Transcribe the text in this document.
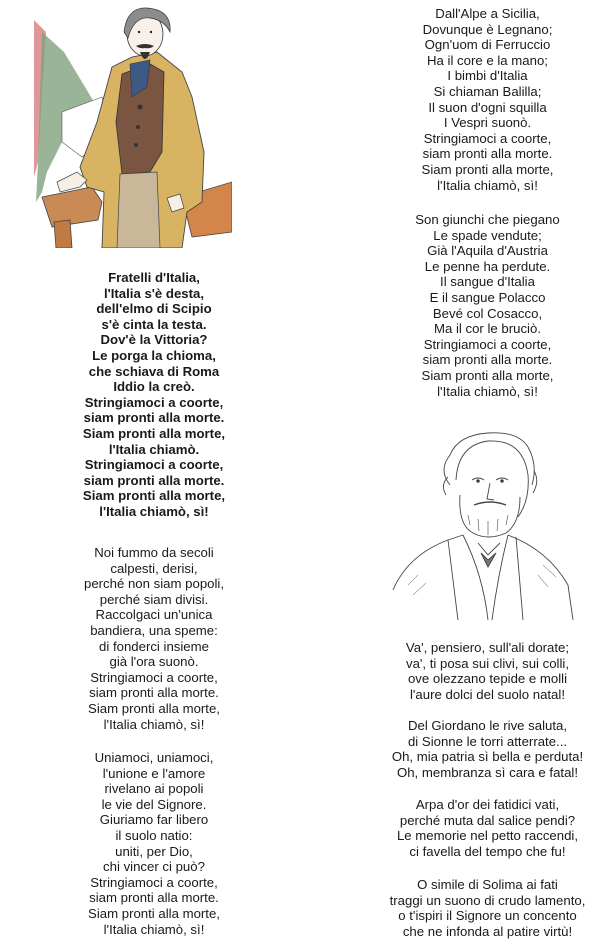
Fratelli d'Italia,
l'Italia s'è desta,
dell'elmo di Scipio
s'è cinta la testa.
Dov'è la Vittoria?
Le porga la chioma,
che schiava di Roma
Iddio la creò.
Stringiamoci a coorte,
siam pronti alla morte.
Siam pronti alla morte,
l'Italia chiamò.
Stringiamoci a coorte,
siam pronti alla morte.
Siam pronti alla morte,
l'Italia chiamò, sì!
Noi fummo da secoli
calpesti, derisi,
perché non siam popoli,
perché siam divisi.
Raccolgaci un'unica
bandiera, una speme:
di fonderci insieme
già l'ora suonò.
Stringiamoci a coorte,
siam pronti alla morte.
Siam pronti alla morte,
l'Italia chiamò, sì!
Uniamoci, uniamoci,
l'unione e l'amore
rivelano ai popoli
le vie del Signore.
Giuriamo far libero
il suolo natio:
uniti, per Dio,
chi vincer ci può?
Stringiamoci a coorte,
siam pronti alla morte.
Siam pronti alla morte,
l'Italia chiamò, sì!
Dall'Alpe a Sicilia,
Dovunque è Legnano;
Ogn'uom di Ferruccio
Ha il core e la mano;
I bimbi d'Italia
Si chiaman Balilla;
Il suon d'ogni squilla
I Vespri suonò.
Stringiamoci a coorte,
siam pronti alla morte.
Siam pronti alla morte,
l'Italia chiamò, sì!
Son giunchi che piegano
Le spade vendute;
Già l'Aquila d'Austria
Le penne ha perdute.
Il sangue d'Italia
E il sangue Polacco
Bevé col Cosacco,
Ma il cor le bruciò.
Stringiamoci a coorte,
siam pronti alla morte.
Siam pronti alla morte,
l'Italia chiamò, sì!
Va', pensiero, sull'ali dorate;
va', ti posa sui clivi, sui colli,
ove olezzano tepide e molli
l'aure dolci del suolo natal!
Del Giordano le rive saluta,
di Sionne le torri atterrate...
Oh, mia patria sì bella e perduta!
Oh, membranza sì cara e fatal!
Arpa d'or dei fatidici vati,
perché muta dal salice pendi?
Le memorie nel petto raccendi,
ci favella del tempo che fu!
O simile di Solima ai fati
traggi un suono di crudo lamento,
o t'ispiri il Signore un concento
che ne infonda al patire virtù!
